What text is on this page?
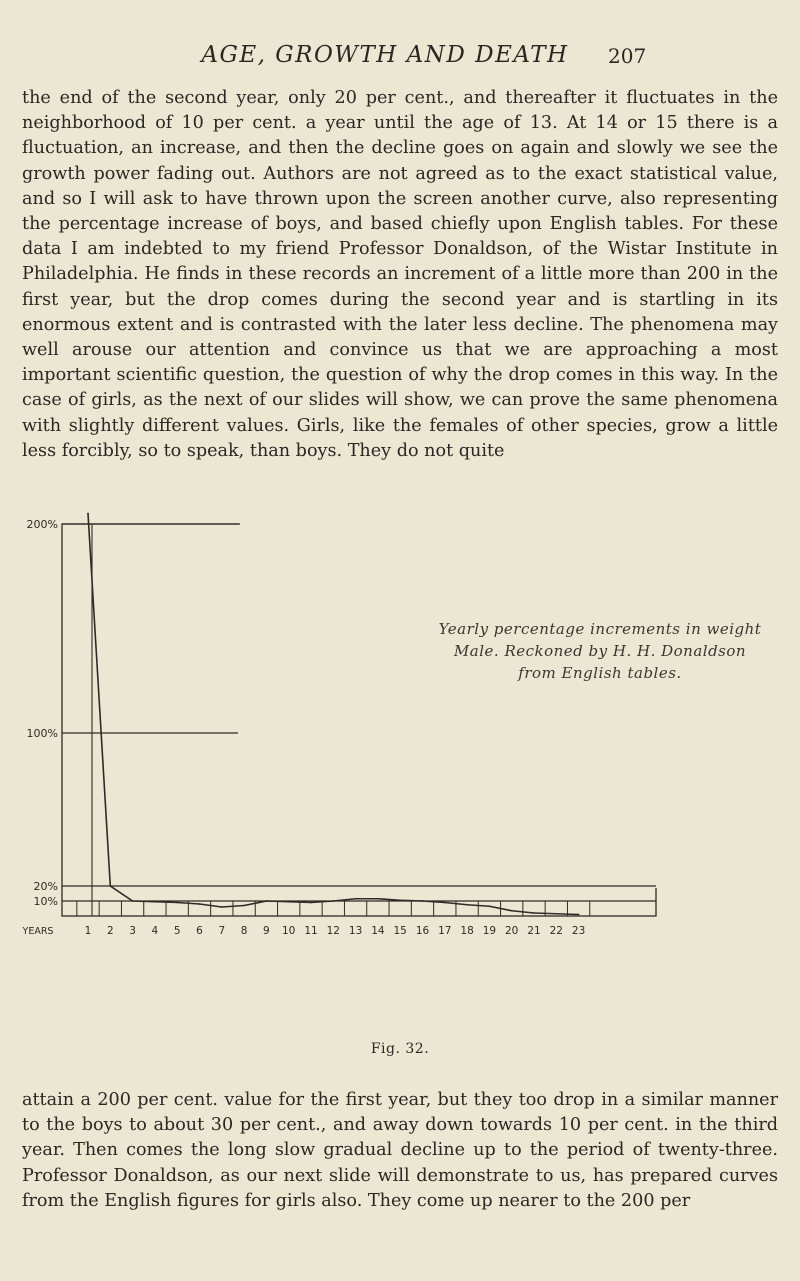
AGE, GROWTH AND DEATH	207

the end of the second year, only 20 per cent., and thereafter it fluctuates in the neighborhood of 10 per cent. a year until the age of 13. At 14 or 15 there is a fluctuation, an increase, and then the decline goes on again and slowly we see the growth power fading out. Authors are not agreed as to the exact statistical value, and so I will ask to have thrown upon the screen another curve, also representing the percentage increase of boys, and based chiefly upon English tables. For these data I am indebted to my friend Professor Donaldson, of the Wistar Institute in Philadelphia. He finds in these records an increment of a little more than 200 in the first year, but the drop comes during the second year and is startling in its enormous extent and is contrasted with the later less decline. The phenomena may well arouse our attention and convince us that we are approaching a most important scientific question, the question of why the drop comes in this way. In the case of girls, as the next of our slides will show, we can prove the same phenomena with slightly different values. Girls, like the females of other species, grow a little less forcibly, so to speak, than boys. They do not quite

10%
20%
100%
200%
1 2 3 4 5 6 7 8 9 10 11 12 13 14 15 16 17 18 19 20 21 22 23
YEARS
Yearly percentage increments in weight
Male. Reckoned by H. H. Donaldson
from English tables.
Fig. 32.

attain a 200 per cent. value for the first year, but they too drop in a similar manner to the boys to about 30 per cent., and away down towards 10 per cent. in the third year. Then comes the long slow gradual decline up to the period of twenty-three. Professor Donaldson, as our next slide will demonstrate to us, has prepared curves from the English figures for girls also. They come up nearer to the 200 per
